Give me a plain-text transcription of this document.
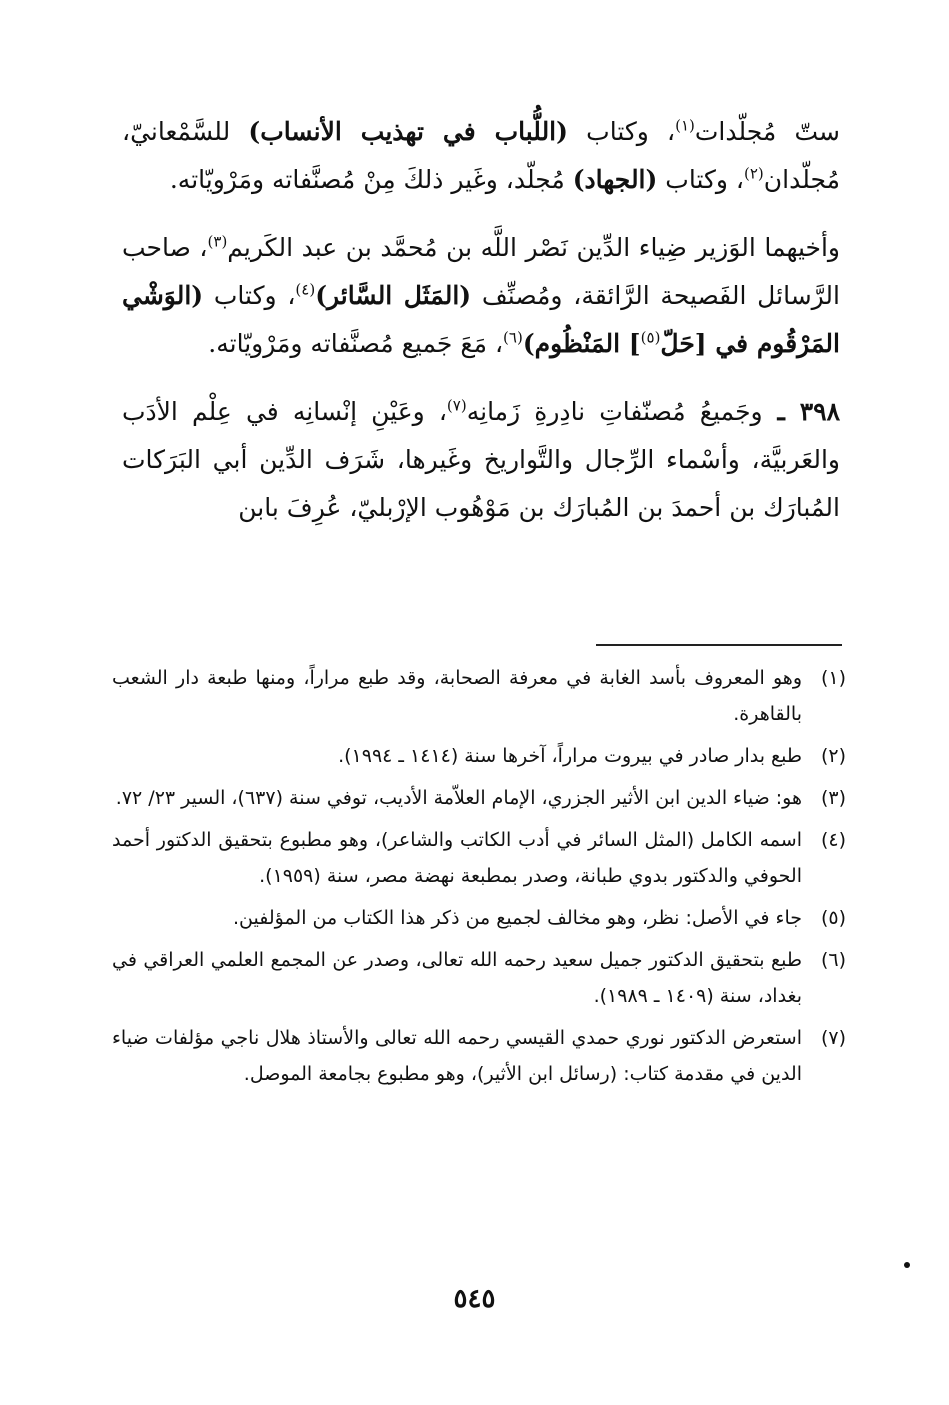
ستّ مُجلّدات$^{(١)}$، وكتاب (اللُّباب في تهذيب الأنساب) للسَّمْعانيّ، مُجلّدان$^{(٢)}$، وكتاب (الجهاد) مُجلّد، وغَير ذلكَ مِنْ مُصنَّفاته ومَرْويّاته.

وأخيهما الوَزير ضِياء الدِّين نَصْر اللَّه بن مُحمَّد بن عبد الكَريم$^{(٣)}$، صاحب الرَّسائل الفَصيحة الرَّائقة، ومُصنِّف (المَثَل السَّائر)$^{(٤)}$، وكتاب (الوَشْي المَرْقُوم في [حَلّ$^{(٥)}$] المَنْظُوم)$^{(٦)}$، مَعَ جَميع مُصنَّفاته ومَرْويّاته.

٣٩٨ ـ وجَميعُ مُصنّفاتِ نادِرةِ زَمانِه$^{(٧)}$، وعَيْنِ إنْسانِه في عِلْم الأدَب والعَربيَّة، وأسْماء الرِّجال والتَّواريخ وغَيرها، شَرَف الدِّين أبي البَرَكات المُبارَك بن أحمدَ بن المُبارَك بن مَوْهُوب الإرْبليّ، عُرِفَ بابن

(١)
وهو المعروف بأسد الغابة في معرفة الصحابة، وقد طبع مراراً، ومنها طبعة دار الشعب بالقاهرة.
(٢)
طبع بدار صادر في بيروت مراراً، آخرها سنة (١٤١٤ ـ ١٩٩٤).
(٣)
هو: ضياء الدين ابن الأثير الجزري، الإمام العلاّمة الأديب، توفي سنة (٦٣٧)، السير ٢٣/ ٧٢.
(٤)
اسمه الكامل (المثل السائر في أدب الكاتب والشاعر)، وهو مطبوع بتحقيق الدكتور أحمد الحوفي والدكتور بدوي طبانة، وصدر بمطبعة نهضة مصر، سنة (١٩٥٩).
(٥)
جاء في الأصل: نظر، وهو مخالف لجميع من ذكر هذا الكتاب من المؤلفين.
(٦)
طبع بتحقيق الدكتور جميل سعيد رحمه الله تعالى، وصدر عن المجمع العلمي العراقي في بغداد، سنة (١٤٠٩ ـ ١٩٨٩).
(٧)
استعرض الدكتور نوري حمدي القيسي رحمه الله تعالى والأستاذ هلال ناجي مؤلفات ضياء الدين في مقدمة كتاب: (رسائل ابن الأثير)، وهو مطبوع بجامعة الموصل.
٥٤٥
